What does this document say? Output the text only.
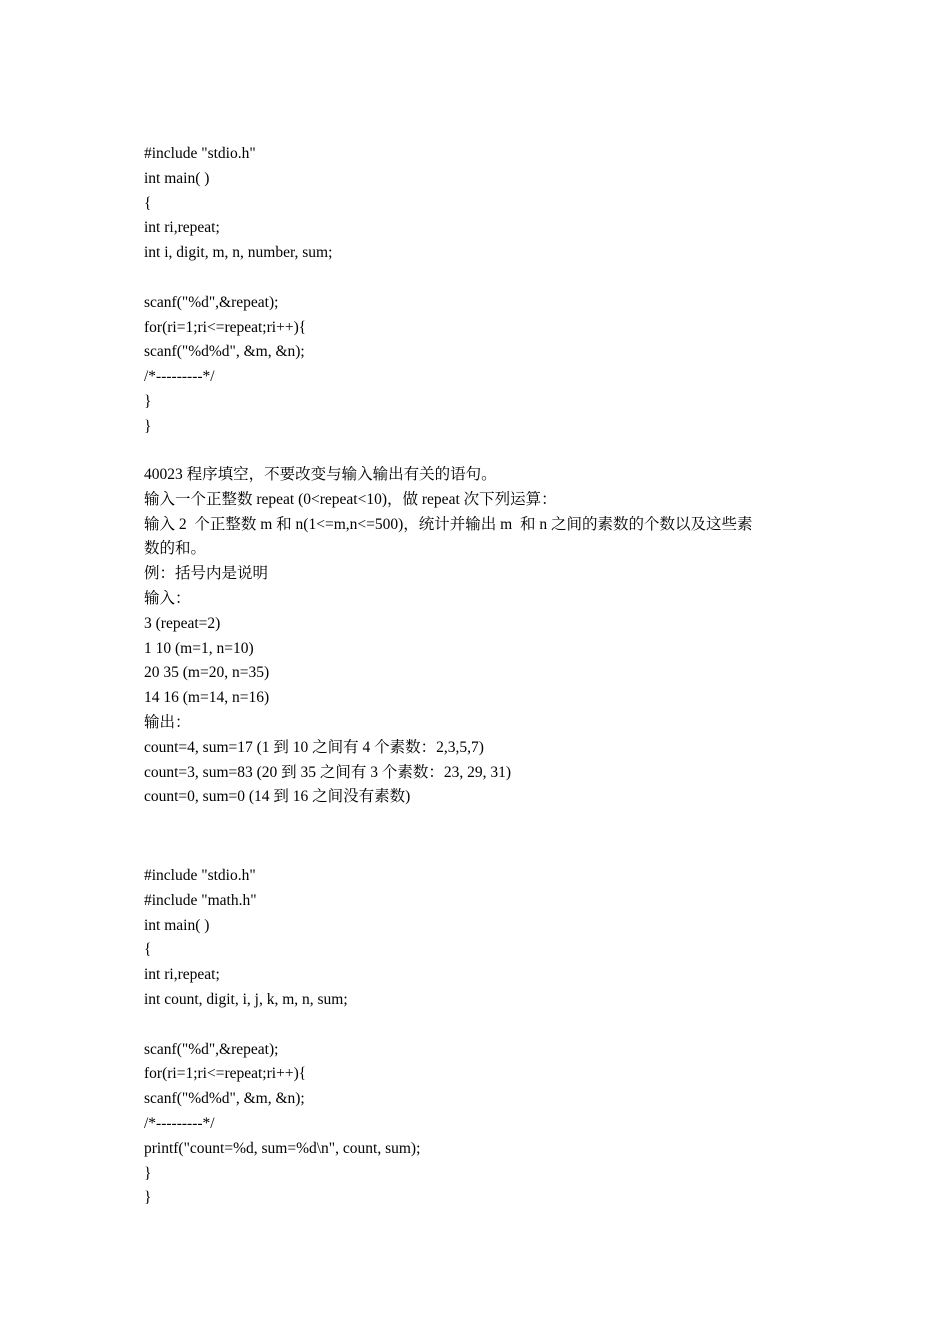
#include "stdio.h"
int main( )
{
int ri,repeat;
int i, digit, m, n, number, sum;
scanf("%d",&repeat);
for(ri=1;ri<=repeat;ri++){
scanf("%d%d", &m, &n);
/*---------*/
}
}
40023 程序填空，不要改变与输入输出有关的语句。
输入一个正整数 repeat (0<repeat<10)，做 repeat 次下列运算：
输入 2  个正整数 m 和 n(1<=m,n<=500)，统计并输出 m  和 n 之间的素数的个数以及这些素
数的和。
例：括号内是说明
输入：
3 (repeat=2)
1 10 (m=1, n=10)
20 35 (m=20, n=35)
14 16 (m=14, n=16)
输出：
count=4, sum=17 (1 到 10 之间有 4 个素数：2,3,5,7)
count=3, sum=83 (20 到 35 之间有 3 个素数：23, 29, 31)
count=0, sum=0 (14 到 16 之间没有素数)
#include "stdio.h"
#include "math.h"
int main( )
{
int ri,repeat;
int count, digit, i, j, k, m, n, sum;
scanf("%d",&repeat);
for(ri=1;ri<=repeat;ri++){
scanf("%d%d", &m, &n);
/*---------*/
printf("count=%d, sum=%d\n", count, sum);
}
}
